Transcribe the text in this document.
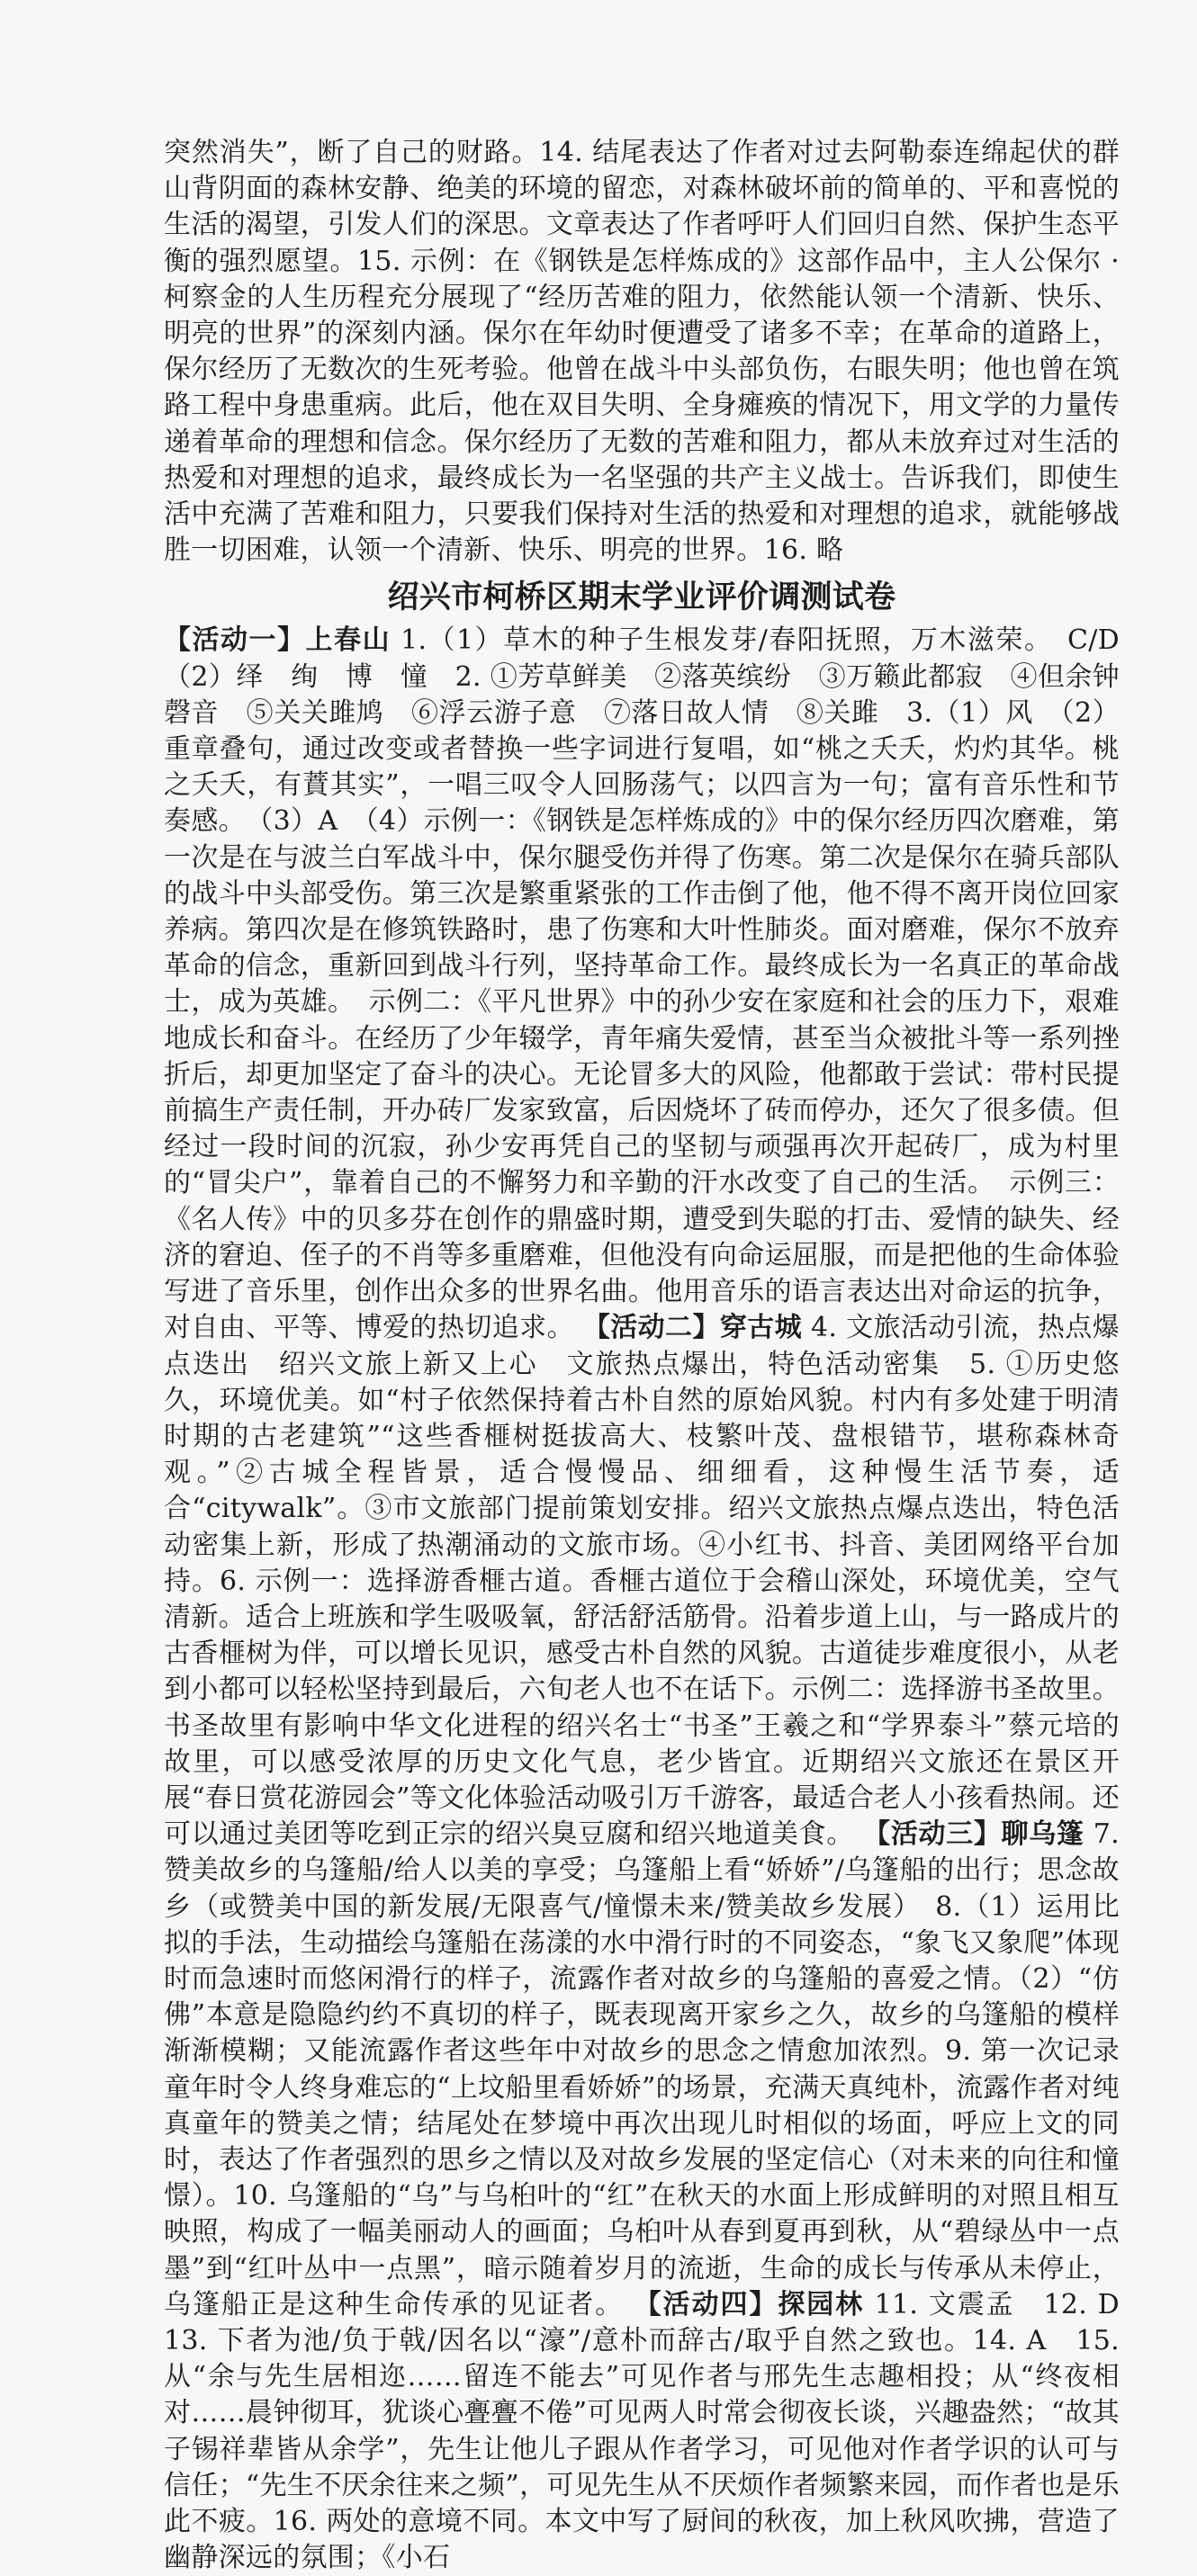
突然消失”，断了自己的财路。14. 结尾表达了作者对过去阿勒泰连绵起伏的群山背阴面的森林安静、绝美的环境的留恋，对森林破坏前的简单的、平和喜悦的生活的渴望，引发人们的深思。文章表达了作者呼吁人们回归自然、保护生态平衡的强烈愿望。15. 示例：在《钢铁是怎样炼成的》这部作品中，主人公保尔 · 柯察金的人生历程充分展现了“经历苦难的阻力，依然能认领一个清新、快乐、明亮的世界”的深刻内涵。保尔在年幼时便遭受了诸多不幸；在革命的道路上，保尔经历了无数次的生死考验。他曾在战斗中头部负伤，右眼失明；他也曾在筑路工程中身患重病。此后，他在双目失明、全身瘫痪的情况下，用文学的力量传递着革命的理想和信念。保尔经历了无数的苦难和阻力，都从未放弃过对生活的热爱和对理想的追求，最终成长为一名坚强的共产主义战士。告诉我们，即使生活中充满了苦难和阻力，只要我们保持对生活的热爱和对理想的追求，就能够战胜一切困难，认领一个清新、快乐、明亮的世界。16. 略

绍兴市柯桥区期末学业评价调测试卷

【活动一】上春山 1.（1）草木的种子生根发芽/春阳抚照，万木滋荣。　C/D　（2）绎　绚　博　憧　2. ①芳草鲜美　②落英缤纷　③万籁此都寂　④但余钟磬音　⑤关关雎鸠　⑥浮云游子意　⑦落日故人情　⑧关雎　3.（1）风　（2）重章叠句，通过改变或者替换一些字词进行复唱，如“桃之夭夭，灼灼其华。桃之夭夭，有蕡其实”，一唱三叹令人回肠荡气；以四言为一句；富有音乐性和节奏感。　（3）A　（4）示例一：《钢铁是怎样炼成的》中的保尔经历四次磨难，第一次是在与波兰白军战斗中，保尔腿受伤并得了伤寒。第二次是保尔在骑兵部队的战斗中头部受伤。第三次是繁重紧张的工作击倒了他，他不得不离开岗位回家养病。第四次是在修筑铁路时，患了伤寒和大叶性肺炎。面对磨难，保尔不放弃革命的信念，重新回到战斗行列，坚持革命工作。最终成长为一名真正的革命战士，成为英雄。　示例二：《平凡世界》中的孙少安在家庭和社会的压力下，艰难地成长和奋斗。在经历了少年辍学，青年痛失爱情，甚至当众被批斗等一系列挫折后，却更加坚定了奋斗的决心。无论冒多大的风险，他都敢于尝试：带村民提前搞生产责任制，开办砖厂发家致富，后因烧坏了砖而停办，还欠了很多债。但经过一段时间的沉寂，孙少安再凭自己的坚韧与顽强再次开起砖厂，成为村里的“冒尖户”，靠着自己的不懈努力和辛勤的汗水改变了自己的生活。　示例三：《名人传》中的贝多芬在创作的鼎盛时期，遭受到失聪的打击、爱情的缺失、经济的窘迫、侄子的不肖等多重磨难，但他没有向命运屈服，而是把他的生命体验写进了音乐里，创作出众多的世界名曲。他用音乐的语言表达出对命运的抗争，对自由、平等、博爱的热切追求。 【活动二】穿古城 4. 文旅活动引流，热点爆点迭出　绍兴文旅上新又上心　文旅热点爆出，特色活动密集　5. ①历史悠久，环境优美。如“村子依然保持着古朴自然的原始风貌。村内有多处建于明清时期的古老建筑”“这些香榧树挺拔高大、枝繁叶茂、盘根错节，堪称森林奇观。”②古城全程皆景，适合慢慢品、细细看，这种慢生活节奏，适合“citywalk”。③市文旅部门提前策划安排。绍兴文旅热点爆点迭出，特色活动密集上新，形成了热潮涌动的文旅市场。④小红书、抖音、美团网络平台加持。6. 示例一：选择游香榧古道。香榧古道位于会稽山深处，环境优美，空气清新。适合上班族和学生吸吸氧，舒活舒活筋骨。沿着步道上山，与一路成片的古香榧树为伴，可以增长见识，感受古朴自然的风貌。古道徒步难度很小，从老到小都可以轻松坚持到最后，六旬老人也不在话下。示例二：选择游书圣故里。书圣故里有影响中华文化进程的绍兴名士“书圣”王羲之和“学界泰斗”蔡元培的故里，可以感受浓厚的历史文化气息，老少皆宜。近期绍兴文旅还在景区开展“春日赏花游园会”等文化体验活动吸引万千游客，最适合老人小孩看热闹。还可以通过美团等吃到正宗的绍兴臭豆腐和绍兴地道美食。 【活动三】聊乌篷 7. 赞美故乡的乌篷船/给人以美的享受；乌篷船上看“娇娇”/乌篷船的出行；思念故乡（或赞美中国的新发展/无限喜气/憧憬未来/赞美故乡发展）　8.（1）运用比拟的手法，生动描绘乌篷船在荡漾的水中滑行时的不同姿态，“象飞又象爬”体现时而急速时而悠闲滑行的样子，流露作者对故乡的乌篷船的喜爱之情。（2）“仿佛”本意是隐隐约约不真切的样子，既表现离开家乡之久，故乡的乌篷船的模样渐渐模糊；又能流露作者这些年中对故乡的思念之情愈加浓烈。9. 第一次记录童年时令人终身难忘的“上坟船里看娇娇”的场景，充满天真纯朴，流露作者对纯真童年的赞美之情；结尾处在梦境中再次出现儿时相似的场面，呼应上文的同时，表达了作者强烈的思乡之情以及对故乡发展的坚定信心（对未来的向往和憧憬）。10. 乌篷船的“乌”与乌桕叶的“红”在秋天的水面上形成鲜明的对照且相互映照，构成了一幅美丽动人的画面；乌桕叶从春到夏再到秋，从“碧绿丛中一点墨”到“红叶丛中一点黑”，暗示随着岁月的流逝，生命的成长与传承从未停止，乌篷船正是这种生命传承的见证者。 【活动四】探园林 11. 文震孟　12. D　13. 下者为池/负于戟/因名以“濠”/意朴而辞古/取乎自然之致也。14. A　15. 从“余与先生居相迩……留连不能去”可见作者与邢先生志趣相投；从“终夜相对……晨钟彻耳，犹谈心亹亹不倦”可见两人时常会彻夜长谈，兴趣盎然；“故其子锡祥辈皆从余学”，先生让他儿子跟从作者学习，可见他对作者学识的认可与信任；“先生不厌余往来之频”，可见先生从不厌烦作者频繁来园，而作者也是乐此不疲。16. 两处的意境不同。本文中写了厨间的秋夜，加上秋风吹拂，营造了幽静深远的氛围；《小石
